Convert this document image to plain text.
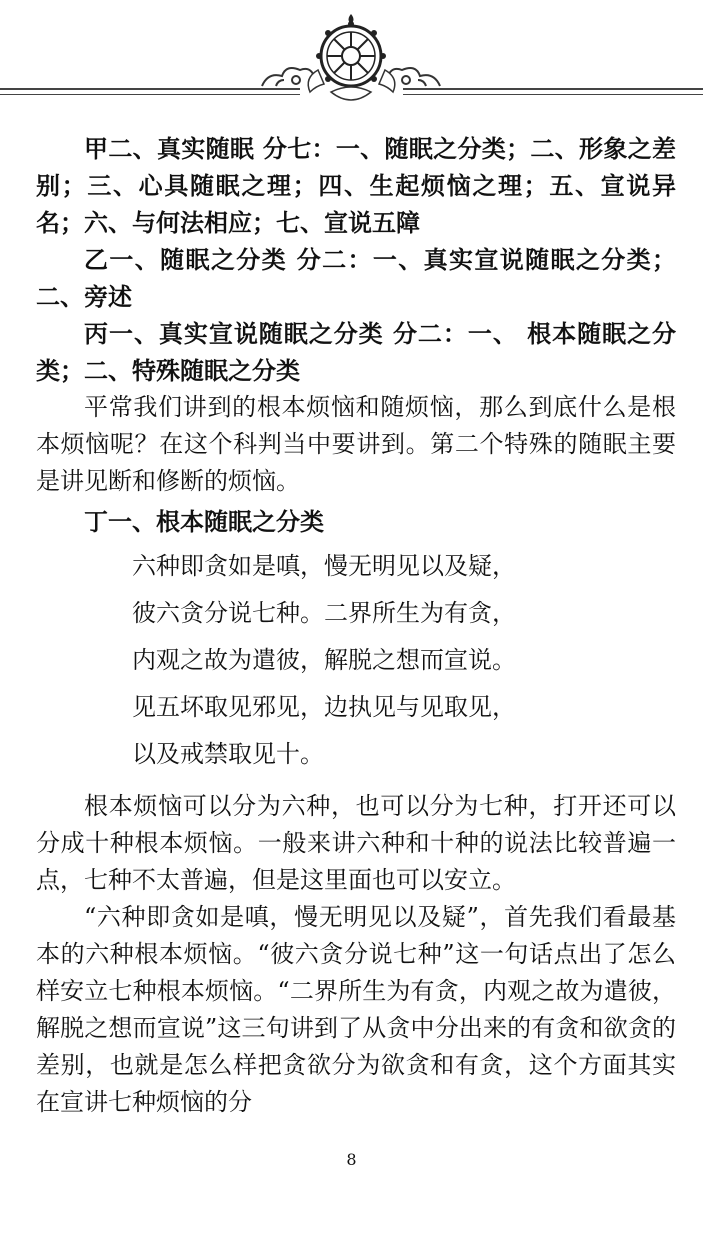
甲二、真实随眠 分七：一、随眠之分类；二、形象之差别；三、心具随眠之理；四、生起烦恼之理；五、宣说异名；六、与何法相应；七、宣说五障

乙一、随眠之分类 分二：一、真实宣说随眠之分类；二、旁述

丙一、真实宣说随眠之分类 分二：一、 根本随眠之分类；二、特殊随眠之分类

平常我们讲到的根本烦恼和随烦恼，那么到底什么是根本烦恼呢？在这个科判当中要讲到。第二个特殊的随眠主要是讲见断和修断的烦恼。

丁一、根本随眠之分类

六种即贪如是嗔，慢无明见以及疑，

彼六贪分说七种。二界所生为有贪，

内观之故为遣彼，解脱之想而宣说。

见五坏取见邪见，边执见与见取见，

以及戒禁取见十。

根本烦恼可以分为六种，也可以分为七种，打开还可以分成十种根本烦恼。一般来讲六种和十种的说法比较普遍一点，七种不太普遍，但是这里面也可以安立。

“六种即贪如是嗔，慢无明见以及疑”，首先我们看最基本的六种根本烦恼。“彼六贪分说七种”这一句话点出了怎么样安立七种根本烦恼。“二界所生为有贪，内观之故为遣彼，解脱之想而宣说”这三句讲到了从贪中分出来的有贪和欲贪的差别，也就是怎么样把贪欲分为欲贪和有贪，这个方面其实在宣讲七种烦恼的分

8
